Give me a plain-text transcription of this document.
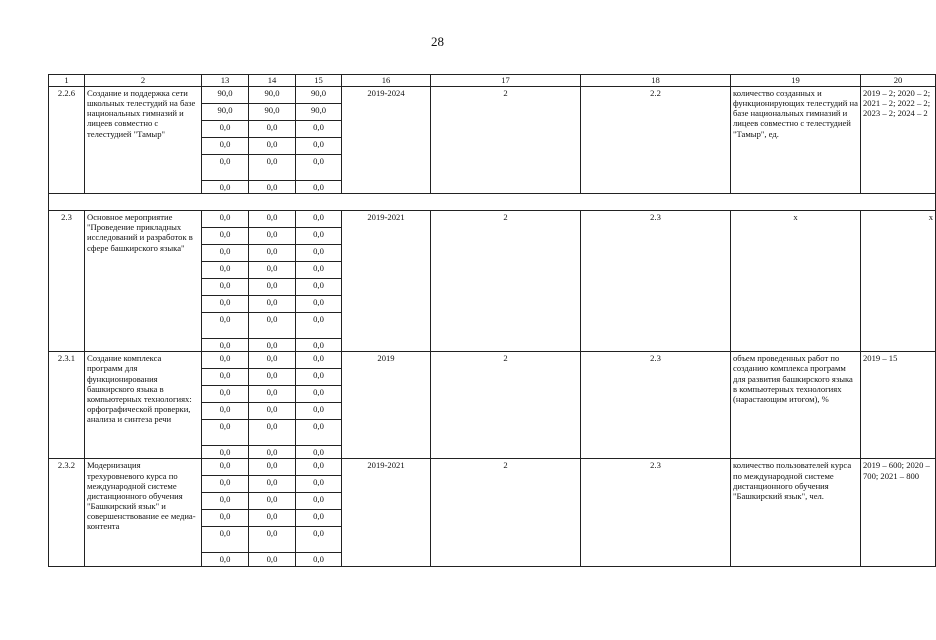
28
1	2	13	14	15	16	17	18	19	20
2.2.6	Создание и поддержка сети школьных телестудий на базе национальных гимназий и лицеев совместно с телестудией "Тамыр"	90,0	90,0	90,0	2019-2024	2	2.2	количество созданных и функционирующих телестудий на базе национальных гимназий и лицеев совместно с телестудией "Тамыр", ед.	2019 – 2; 2020 – 2; 2021 – 2; 2022 – 2; 2023 – 2; 2024 – 2
		90,0	90,0	90,0					
		0,0	0,0	0,0					
		0,0	0,0	0,0					
		0,0	0,0	0,0					
		0,0	0,0	0,0					

2.3	Основное мероприятие "Проведение прикладных исследований и разработок в сфере башкирского языка"	0,0	0,0	0,0	2019-2021	2	2.3	х	х
		0,0	0,0	0,0					
		0,0	0,0	0,0					
		0,0	0,0	0,0					
		0,0	0,0	0,0					
		0,0	0,0	0,0					
		0,0	0,0	0,0					
		0,0	0,0	0,0					
2.3.1	Создание комплекса программ для функционирования башкирского языка в компьютерных технологиях: орфографической проверки, анализа и синтеза речи	0,0	0,0	0,0	2019	2	2.3	объем проведенных работ по созданию комплекса программ для развития башкирского языка в компьютерных технологиях (нарастающим итогом), %	2019 – 15
		0,0	0,0	0,0					
		0,0	0,0	0,0					
		0,0	0,0	0,0					
		0,0	0,0	0,0					
		0,0	0,0	0,0					
2.3.2	Модернизация трехуровневого курса по международной системе дистанционного обучения "Башкирский язык" и совершенствование ее медиа-контента	0,0	0,0	0,0	2019-2021	2	2.3	количество пользователей курса по международной системе дистанционного обучения "Башкирский язык", чел.	2019 – 600; 2020 – 700; 2021 – 800
		0,0	0,0	0,0					
		0,0	0,0	0,0					
		0,0	0,0	0,0					
		0,0	0,0	0,0					
		0,0	0,0	0,0					
